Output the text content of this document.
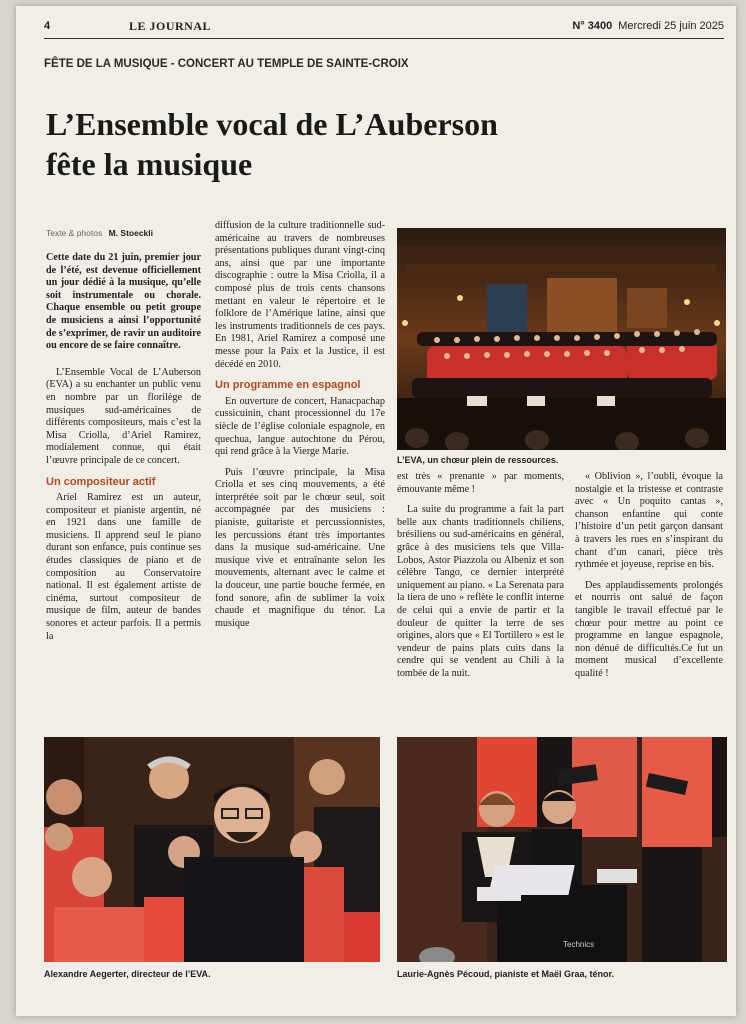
4	LE JOURNAL	N° 3400 Mercredi 25 juin 2025
FÊTE DE LA MUSIQUE - CONCERT AU TEMPLE DE SAINTE-CROIX
L’Ensemble vocal de L’Auberson
fête la musique
Texte & photos M. Stoeckli

Cette date du 21 juin, premier jour de l’été, est devenue officiellement un jour dédié à la musique, qu’elle soit instrumentale ou chorale. Chaque ensemble ou petit groupe de musiciens a ainsi l’opportunité de s’exprimer, de ravir un auditoire ou encore de se faire connaître.

L’Ensemble Vocal de L’Auberson (EVA) a su enchanter un public venu en nombre par un florilège de musiques sud-américaines de différents compositeurs, mais c’est la Misa Criolla, d’Ariel Ramirez, modialement connue, qui était l’œuvre principale de ce concert.

Un compositeur actif

Ariel Ramirez est un auteur, compositeur et pianiste argentin, né en 1921 dans une famille de musiciens. Il apprend seul le piano durant son enfance, puis continue ses études classiques de piano et de composition au Conservatoire national. Il est également artiste de cinéma, surtout compositeur de musique de film, auteur de bandes sonores et acteur parfois. Il a permis la

diffusion de la culture traditionnelle sud-américaine au travers de nombreuses présentations publiques durant vingt-cinq ans, ainsi que par une importante discographie : outre la Misa Criolla, il a composé plus de trois cents chansons mettant en valeur le répertoire et le folklore de l’Amérique latine, ainsi que les instruments traditionnels de ces pays. En 1981, Ariel Ramirez a composé une messe pour la Paix et la Justice, il est décédé en 2010.

Un programme en espagnol

En ouverture de concert, Hanacpachap cussicuinin, chant processionnel du 17e siècle de l’église coloniale espagnole, en quechua, langue autochtone du Pérou, qui rend grâce à la Vierge Marie.

Puis l’œuvre principale, la Misa Criolla et ses cinq mouvements, a été interprétée soit par le chœur seul, soit accompagnée par des musiciens : pianiste, guitariste et percussionnistes, les percussions étant très importantes dans la musique sud-américaine. Une musique vive et entraînante selon les mouvements, alternant avec le calme et la douceur, une partie bouche fermée, en fond sonore, afin de sublimer la voix chaude et magnifique du ténor. La musique

L’EVA, un chœur plein de ressources.

est très « prenante » par moments, émouvante même !

La suite du programme a fait la part belle aux chants traditionnels chiliens, brésiliens ou sud-américains en général, grâce à des musiciens tels que Villa-Lobos, Astor Piazzola ou Albeniz et son célèbre Tango, ce dernier interprété uniquement au piano. « La Serenata para la tiera de uno » reflète le conflit interne de celui qui a envie de partir et la douleur de quitter la terre de ses origines, alors que « El Tortillero » est le vendeur de pains plats cuits dans la cendre qui se vendent au Chili à la tombée de la nuit.

« Oblivion », l’oubli, évoque la nostalgie et la tristesse et contraste avec « Un poquito cantas », chanson enfantine qui conte l’histoire d’un petit garçon dansant à travers les rues en s’inspirant du chant d’un canari, pièce très rythmée et joyeuse, reprise en bis.

Des applaudissements prolongés et nourris ont salué de façon tangible le travail effectué par le chœur pour mettre au point ce programme en langue espagnole, non dénué de difficultés.Ce fut un moment musical d’excellente qualité !

Alexandre Aegerter, directeur de l’EVA.
Technics
Laurie-Agnès Pécoud, pianiste et Maël Graa, ténor.
